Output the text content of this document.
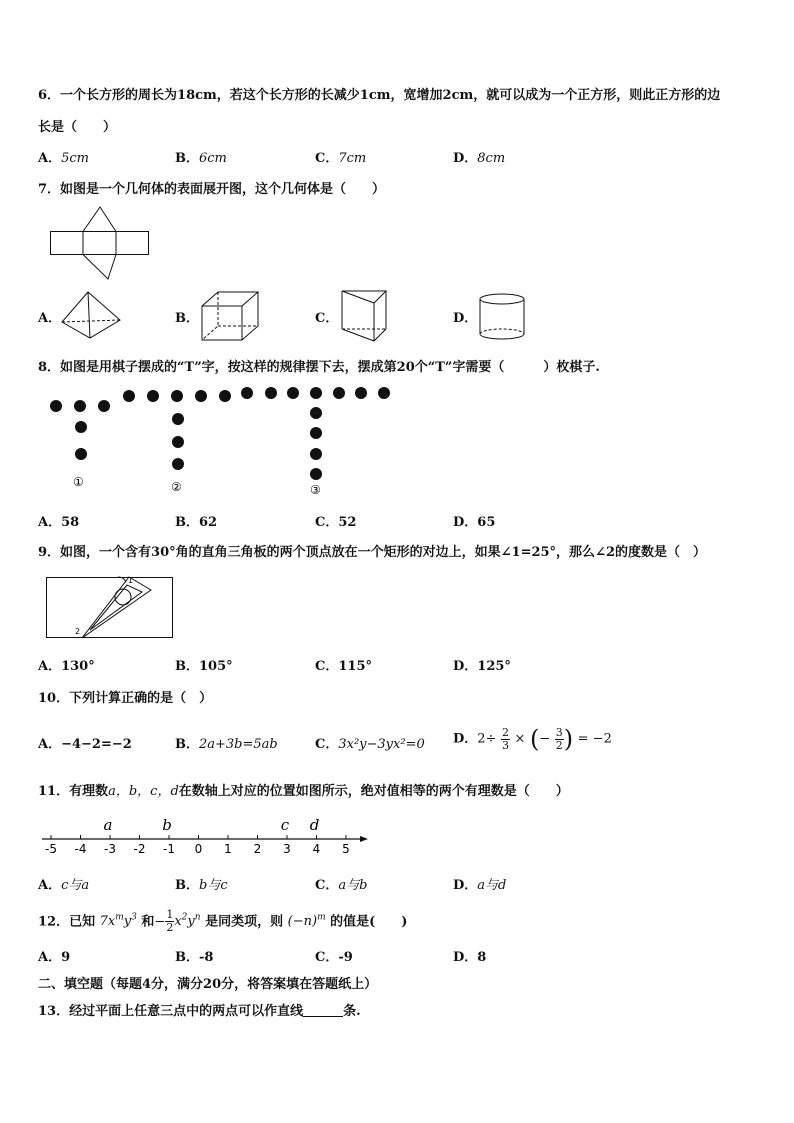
6．一个长方形的周长为18cm，若这个长方形的长减少1cm，宽增加2cm，就可以成为一个正方形，则此正方形的边
长是（　　）
A．5cm	B．6cm	C．7cm	D．8cm
7．如图是一个几何体的表面展开图，这个几何体是（　　）
A．	B．	C．	D．
8．如图是用棋子摆成的“T”字，按这样的规律摆下去，摆成第20个“T”字需要（　　　）枚棋子.
①	②	③
A．58	B．62	C．52	D．65
9．如图，一个含有30°角的直角三角板的两个顶点放在一个矩形的对边上，如果∠1=25°，那么∠2的度数是（　）
1
2
A．130°	B．105°	C．115°	D．125°
10．下列计算正确的是（　）
A．−4−2=−2	B．2a+3b=5ab	C．3x²y−3yx²=0 D．$2\div \frac{2}{3}$ × (− $\frac{3}{2}$ ) = −2
11．有理数a，b，c，d在数轴上对应的位置如图所示，绝对值相等的两个有理数是（　　）
-5 -4 -3 -2 -1 0 1 2 3 4 5
a	b	c d
A．c与a	B．b与c	C．a与b	D．a与d
12．已知 $7x^my^3$ 和− $\frac{1}{2} x^2y^n$ 是同类项，则 $(-n)^m$ 的值是(　　)
A．9	B．-8	C．-9	D．8
二、填空题（每题4分，满分20分，将答案填在答题纸上）
13．经过平面上任意三点中的两点可以作直线	条.
